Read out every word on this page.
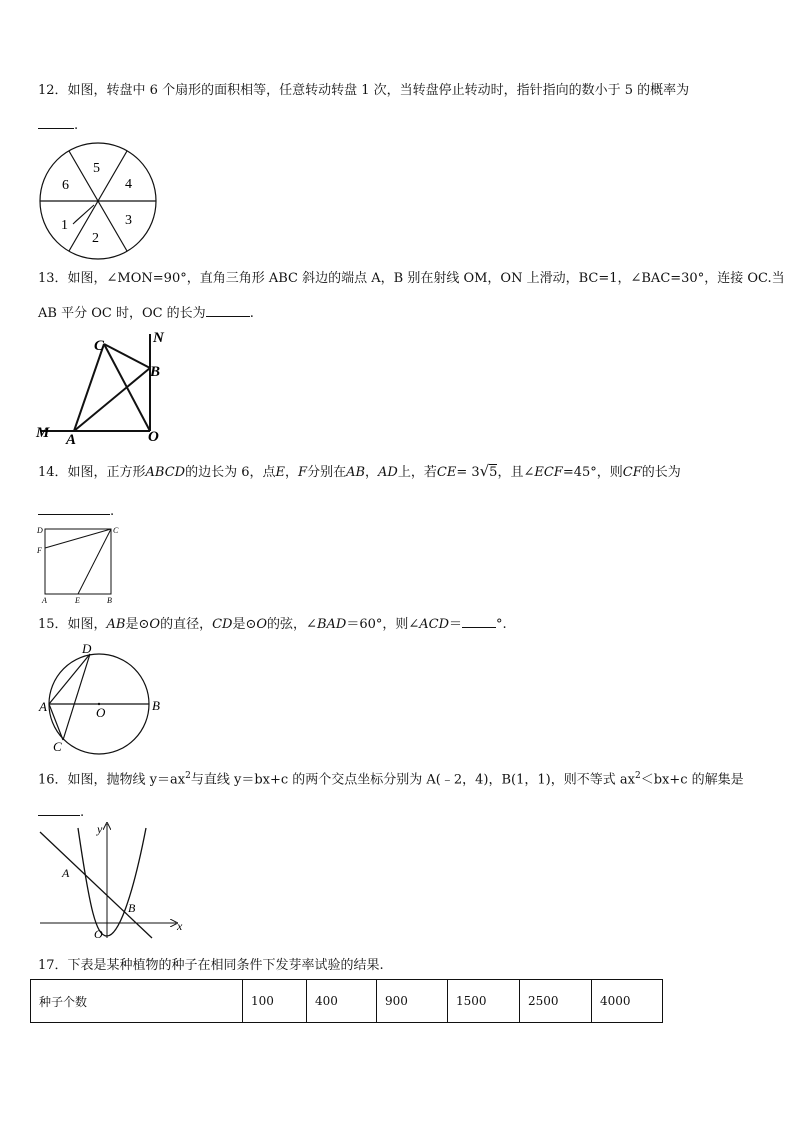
12．如图，转盘中 6 个扇形的面积相等，任意转动转盘 1 次，当转盘停止转动时，指针指向的数小于 5 的概率为
.
5
4
3
2
1
6
13．如图，∠MON=90°，直角三角形 ABC 斜边的端点 A，B 别在射线 OM，ON 上滑动，BC=1，∠BAC=30°，连接 OC.当
AB 平分 OC 时，OC 的长为	.
C	N
B
M A	O
14．如图，正方形ABCD的边长为 6，点E，F分别在AB，AD上，若CE= 3√5，且∠ECF=45°，则CF的长为
.
D	C
F
A	E	B
15．如图，AB是⊙O的直径，CD是⊙O的弦，∠BAD＝60°，则∠ACD＝	°.
D
A	O	B
C
16．如图，抛物线 $y=ax^2$与直线 y＝bx+c 的两个交点坐标分别为 A(﹣2，4)，B(1，1)，则不等式 $ax^2<bx+c$ 的解集是
.
y
x
A
B
O
17．下表是某种植物的种子在相同条件下发芽率试验的结果.
种子个数	100	400	900	1500	2500	4000
